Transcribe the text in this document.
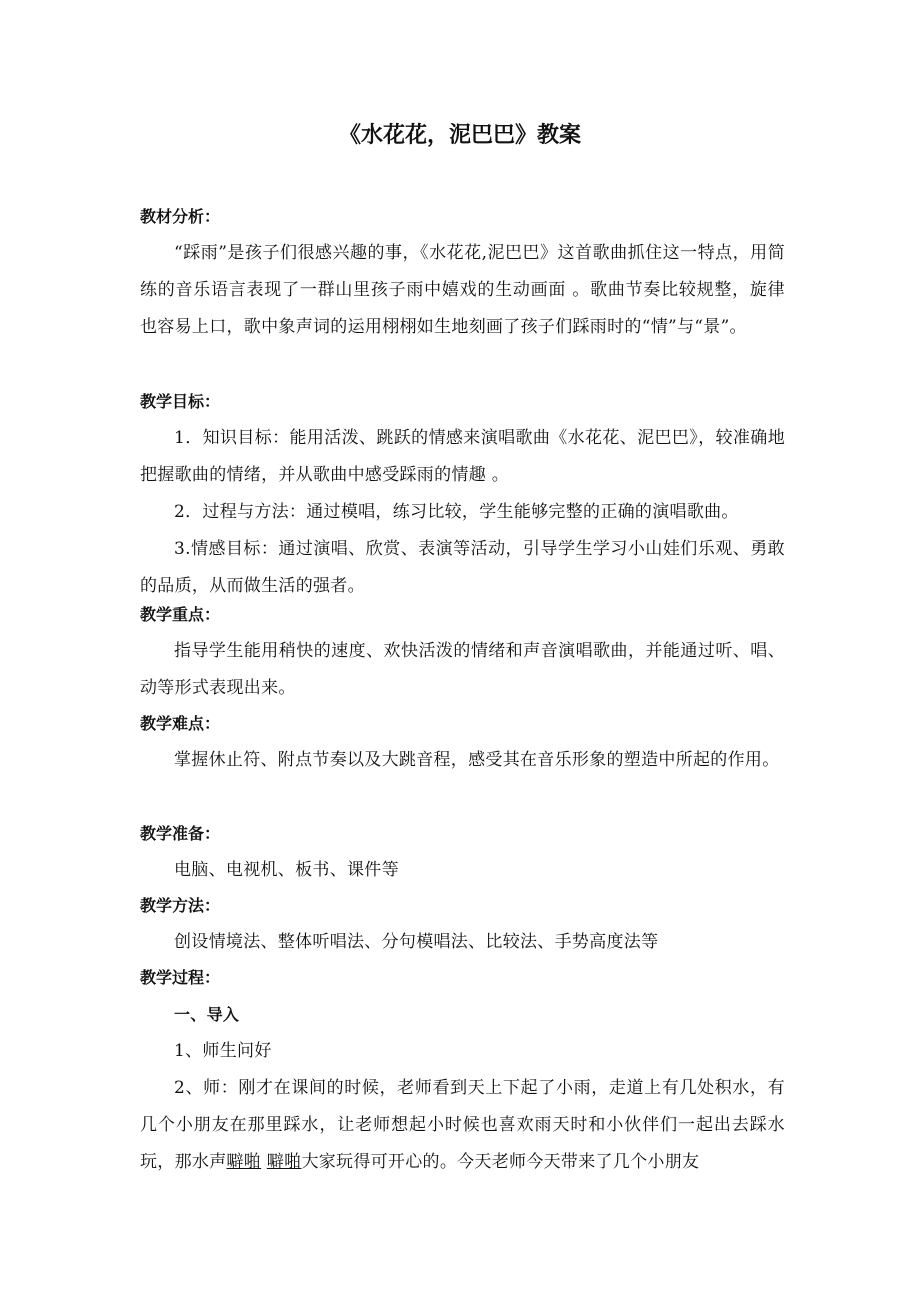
《水花花，泥巴巴》教案

教材分析：

“踩雨”是孩子们很感兴趣的事，《水花花,泥巴巴》这首歌曲抓住这一特点，用简练的音乐语言表现了一群山里孩子雨中嬉戏的生动画面 。歌曲节奏比较规整，旋律也容易上口，歌中象声词的运用栩栩如生地刻画了孩子们踩雨时的“情”与“景”。

教学目标：

1．知识目标：能用活泼、跳跃的情感来演唱歌曲《水花花、泥巴巴》，较准确地把握歌曲的情绪，并从歌曲中感受踩雨的情趣 。

2．过程与方法：通过模唱，练习比较，学生能够完整的正确的演唱歌曲。

3.情感目标：通过演唱、欣赏、表演等活动，引导学生学习小山娃们乐观、勇敢的品质，从而做生活的强者。

教学重点：

指导学生能用稍快的速度、欢快活泼的情绪和声音演唱歌曲，并能通过听、唱、动等形式表现出来。

教学难点：

掌握休止符、附点节奏以及大跳音程，感受其在音乐形象的塑造中所起的作用。

教学准备：

电脑、电视机、板书、课件等

教学方法：

创设情境法、整体听唱法、分句模唱法、比较法、手势高度法等

教学过程：

一、导入

1、师生问好

2、师：刚才在课间的时候，老师看到天上下起了小雨，走道上有几处积水，有几个小朋友在那里踩水，让老师想起小时候也喜欢雨天时和小伙伴们一起出去踩水玩，那水声噼啪 噼啪大家玩得可开心的。今天老师今天带来了几个小朋友
